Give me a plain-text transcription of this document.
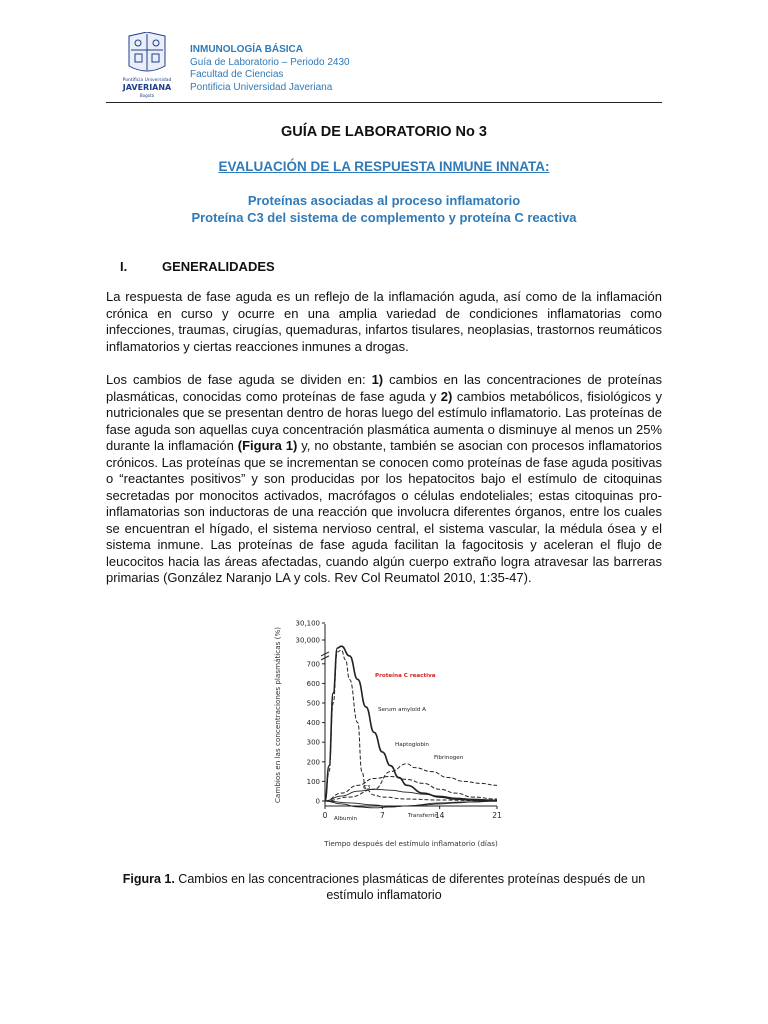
Pontificia Universidad
JAVERIANA
Bogotá
INMUNOLOGÍA BÁSICA
Guía de Laboratorio – Periodo 2430
Facultad de Ciencias
Pontificia Universidad Javeriana
GUÍA DE LABORATORIO No 3
EVALUACIÓN DE LA RESPUESTA INMUNE INNATA:
Proteínas asociadas al proceso inflamatorio
Proteína C3 del sistema de complemento y proteína C reactiva
I.	GENERALIDADES

La respuesta de fase aguda es un reflejo de la inflamación aguda, así como de la inflamación crónica en curso y ocurre en una amplia variedad de condiciones inflamatorias como infecciones, traumas, cirugías, quemaduras, infartos tisulares, neoplasias, trastornos reumáticos inflamatorios y ciertas reacciones inmunes a drogas.

Los cambios de fase aguda se dividen en: 1) cambios en las concentraciones de proteínas plasmáticas, conocidas como proteínas de fase aguda y 2) cambios metabólicos, fisiológicos y nutricionales que se presentan dentro de horas luego del estímulo inflamatorio. Las proteínas de fase aguda son aquellas cuya concentración plasmática aumenta o disminuye al menos un 25% durante la inflamación (Figura 1) y, no obstante, también se asocian con procesos inflamatorios crónicos. Las proteínas que se incrementan se conocen como proteínas de fase aguda positivas o “reactantes positivos” y son producidas por los hepatocitos bajo el estímulo de citoquinas secretadas por monocitos activados, macrófagos o células endoteliales; estas citoquinas pro-inflamatorias son inductoras de una reacción que involucra diferentes órganos, entre los cuales se encuentran el hígado, el sistema nervioso central, el sistema vascular, la médula ósea y el sistema inmune. Las proteínas de fase aguda facilitan la fagocitosis y aceleran el flujo de leucocitos hacia las áreas afectadas, cuando algún cuerpo extraño logra atravesar las barreras primarias (González Naranjo LA y cols. Rev Col Reumatol 2010, 1:35-47).

0
100
200
300
400
500
600
700
30,000
30,100
0	7	14	21
Tiempo después del estímulo inflamatorio (días)
Cambios en las concentraciones plasmáticas (%)	Proteína C reactiva
Serum amyloid A
Haptoglobin
Fibrinogen
C3
Transferrin
Albumin
Figura 1. Cambios en las concentraciones plasmáticas de diferentes proteínas después de un estímulo inflamatorio
